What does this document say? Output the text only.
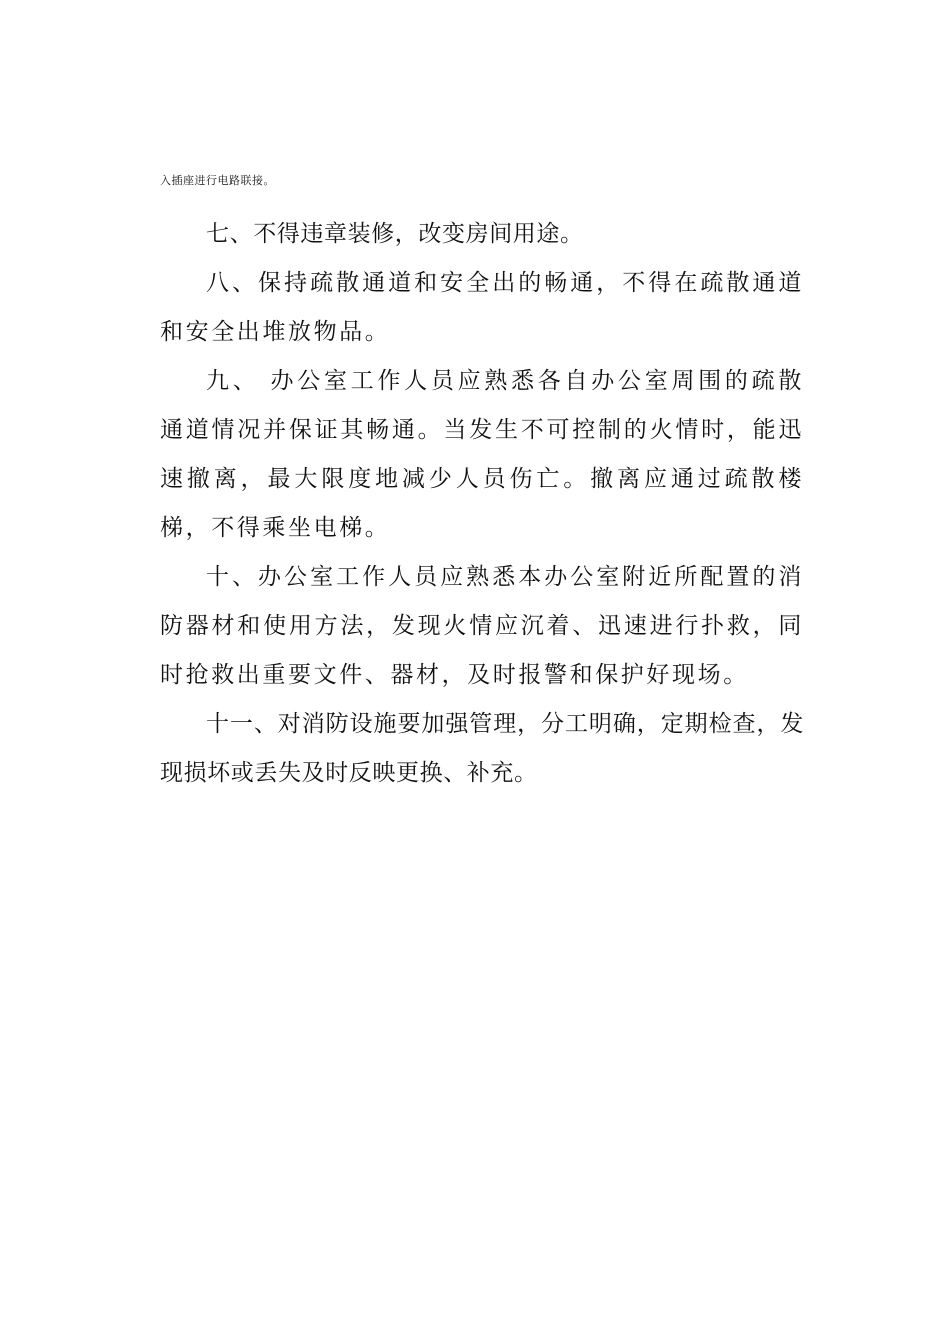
入插座进行电路联接。

七、不得违章装修，改变房间用途。

八、保持疏散通道和安全出的畅通，不得在疏散通道和安全出堆放物品。

九、 办公室工作人员应熟悉各自办公室周围的疏散通道情况并保证其畅通。当发生不可控制的火情时，能迅速撤离，最大限度地减少人员伤亡。撤离应通过疏散楼梯，不得乘坐电梯。

十、办公室工作人员应熟悉本办公室附近所配置的消防器材和使用方法，发现火情应沉着、迅速进行扑救，同时抢救出重要文件、器材，及时报警和保护好现场。

十一、对消防设施要加强管理，分工明确，定期检查，发现损坏或丢失及时反映更换、补充。
